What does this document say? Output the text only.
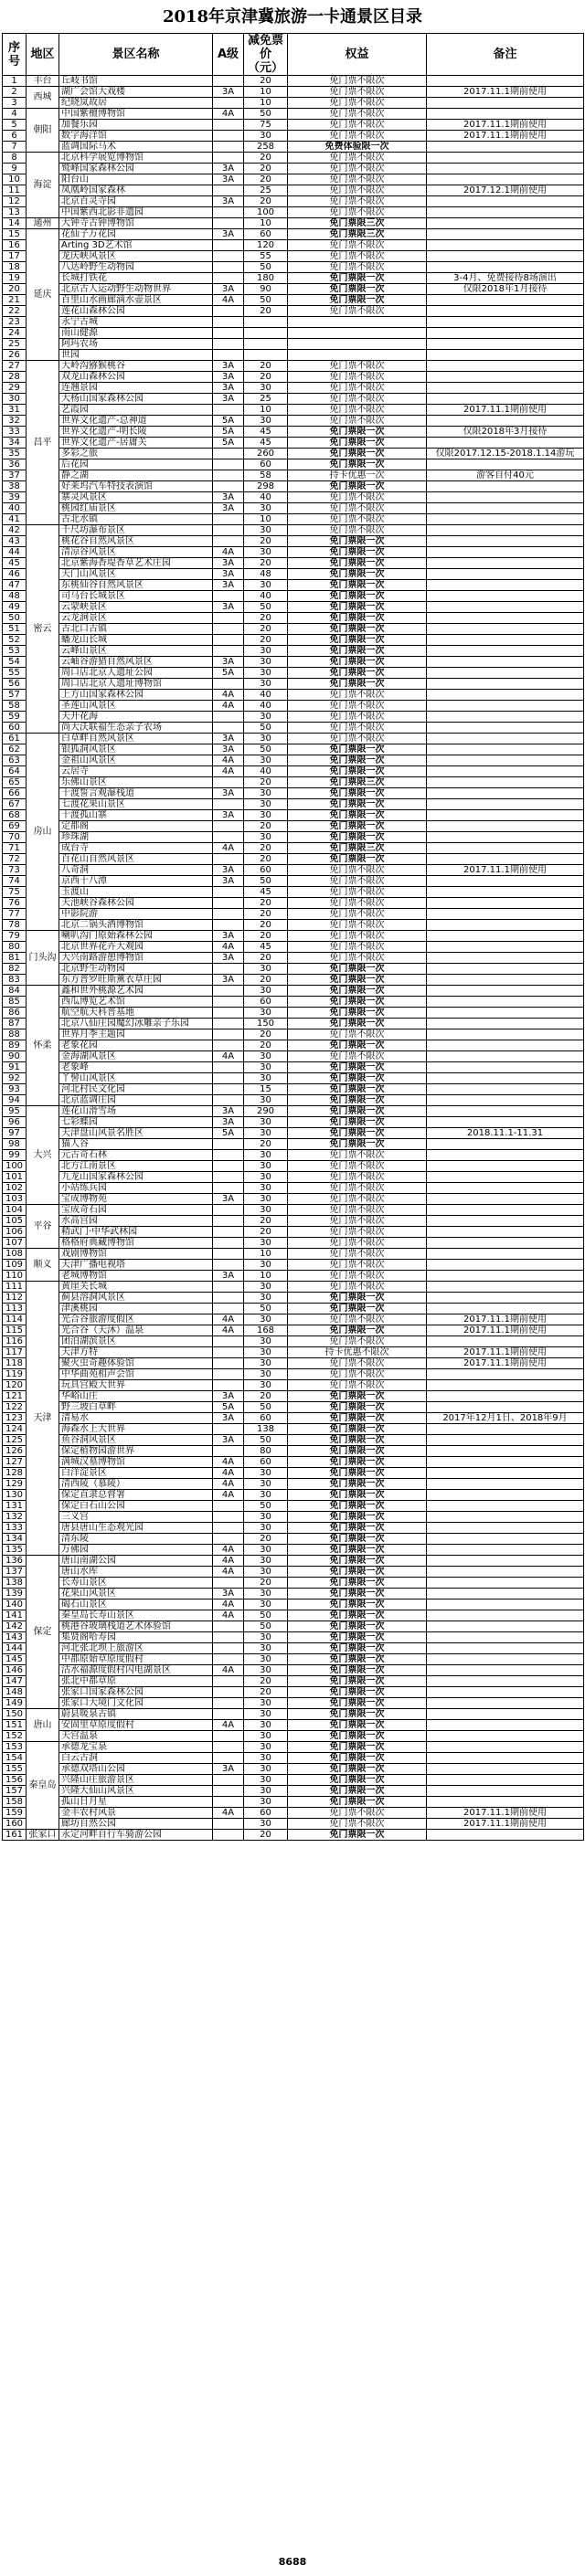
2018年京津冀旅游一卡通景区目录
序号	地区	景区名称	A级	减免票价（元）	权益	备注
1	丰台	丘岐书馆		20	免门票不限次	
2	西城	湖广会馆大戏楼	3A	10	免门票不限次	2017.11.1期前使用
3		纪晓岚故居		10	免门票不限次	
4	朝阳	中国紫檀博物馆	4A	50	免门票不限次	
5		加餐乐园		75	免门票不限次	2017.11.1期前使用
6		数字海洋馆		30	免门票不限次	2017.11.1期前使用
7		蓝调国际马术		258	免费体验限一次	
8	海淀	北京科学展览博物馆		20	免门票不限次	
9		鹫峰国家森林公园	3A	20	免门票不限次	
10		阳台山	3A	20	免门票不限次	
11		凤凰岭国家森林		25	免门票不限次	2017.12.1期前使用
12		北京百灵寺园	3A	20	免门票不限次	
13		中国紫西北影非遗园		100	免门票不限次	
14	通州	大钟寺古钟博物馆		10	免门票限三次	
15	延庆	花仙子万花园	3A	60	免门票限三次	
16		Arting 3D艺术馆		120	免门票不限次	
17		龙庆峡风景区		55	免门票不限次	
18		八达岭野生动物园		50	免门票不限次	
19		长城打铁花		180	免门票限一次	3-4月、免费接待8场演出
20		北京古人运动野生动物世界	3A	90	免门票限一次	仅限2018年1月接待
21		百里山水画廊滴水壶景区	4A	50	免门票限一次	
22		莲花山森林公园		20	免门票不限次	
23		永宁古城				
24		南山健源				
25		阿玛农场				
26		世园				
27	昌平	大岭沟猕猴桃谷	3A	20	免门票不限次	
28		双龙山森林公园	3A	20	免门票不限次	
29		连翘景园	3A	30	免门票不限次	
30		大杨山国家森林公园	3A	25	免门票不限次	
31		艺霞园		10	免门票不限次	2017.11.1期前使用
32		世界文化遗产-总神道	5A	30	免门票不限次	
33		世界文化遗产-明长陵	5A	45	免门票限一次	仅限2018年3月接待
34		世界文化遗产-居庸关	5A	45	免门票限一次	
35		多彩之旅		260	免门票限一次	仅限2017.12.15-2018.1.14游玩
36		后花园		60	免门票限一次	
37		静之湖		58	持卡优惠一次	游客自付40元
38		好莱坞汽车特技表演馆		298	免门票限一次	
39		寨灵风景区	3A	40	免门票不限次	
40		桃园红庙景区	3A	30	免门票不限次	
41		古北水镇		10	免门票不限次	
42	密云	千尺坊瀑布景区		30	免门票不限次	
43		桃花谷自然风景区		20	免门票限一次	
44		清凉谷风景区	4A	30	免门票限一次	
45		北京紫海香堤香草艺术庄园	3A	20	免门票限一次	
46		天门山风景区	3A	48	免门票限一次	
47		东桃仙谷自然风景区	3A	30	免门票限一次	
48		司马台长城景区		40	免门票限一次	
49		云蒙峡景区	3A	50	免门票限一次	
50		云龙涧景区		20	免门票限一次	
51		古北口古镇		20	免门票限一次	
52		蟠龙山长城		20	免门票限一次	
53		云峰山景区		30	免门票限一次	
54		云岫谷游猎自然风景区	3A	30	免门票限一次	
55		周口店北京人遗址公园	5A	30	免门票限一次	
56		周口店北京人遗址博物馆		30	免门票限一次	
57		上方山国家森林公园	4A	40	免门票不限次	
58		圣莲山风景区	4A	40	免门票不限次	
59		天开花海		30	免门票不限次	
60		尚大沃联福生态亲子农场		50	免门票不限次	
61	房山	白草畔自然风景区	3A	30	免门票不限次	
62		银狐洞风景区	3A	50	免门票限一次	
63		金祖山风景区	4A	30	免门票限一次	
64		云居寺	4A	40	免门票限一次	
65		乐佛山景区		20	免门票限三次	
66		十渡誓言观瀑栈道	3A	30	免门票限一次	
67		七渡花果山景区		30	免门票限一次	
68		十渡孤山寨	3A	30	免门票限一次	
69		定都阁		20	免门票限一次	
70		珍珠湖		30	免门票限一次	
71		成台寺	4A	20	免门票限三次	
72		百花山自然风景区		20	免门票限一次	
73		八奇洞	3A	60	免门票不限次	2017.11.1期前使用
74		京西十八潭	3A	50	免门票不限次	
75		玉渡山		45	免门票不限次	
76		天池峡谷森林公园		20	免门票不限次	
77		中影院游		20	免门票不限次	
78		北京二锅头酒博物馆		20	免门票不限次	
79	门头沟	喇叭沟门原始森林公园	3A	20	免门票不限次	
80		北京世界花卉大观园	4A	45	免门票不限次	
81		大兴南路游憩博物馆	3A	20	免门票不限次	
82		北京野生动物园		30	免门票限一次	
83		东方普罗旺斯薰衣草庄园	3A	20	免门票限一次	
84	怀柔	鑫和世外桃源艺术园		30	免门票限一次	
85		西瓜博览艺术馆		60	免门票限一次	
86		航空航天科普基地		30	免门票限一次	
87		北京八仙庄园魔幻冰雕亲子乐园		150	免门票限一次	
88		世界月季主题园		20	免门票不限次	
89		老象花园		20	免门票限一次	
90		金海湖风景区	4A	30	免门票不限次	
91		老象峰		30	免门票限一次	
92		丫髻山风景区		30	免门票限一次	
93		河北村民文化园		15	免门票限一次	
94		北京蓝调庄园		30	免门票限一次	
95	大兴	莲花山滑雪场	3A	290	免门票限一次	
96		七彩蝶园	3A	30	免门票限一次	
97		天津盘山风景名胜区	5A	30	免门票限一次	2018.11.1-11.31
98		猫人谷		20	免门票限一次	
99		元古奇石林		30	免门票不限次	
100		北方江南景区		30	免门票不限次	
101		九龙山国家森林公园		30	免门票不限次	
102		小站练兵园		30	免门票不限次	
103		宝成博物苑	3A	30	免门票不限次	
104	平谷	宝成奇石园		30	免门票不限次	
105		水高宫园		20	免门票不限次	
106		精武门·中华武林园		20	免门票不限次	
107		格格府典藏博物馆		30	免门票不限次	
108	顺义	戏剧博物馆		10	免门票不限次	
109		天津广播电视塔		30	免门票不限次	
110		老城博物馆	3A	10	免门票不限次	
111	天津	黄崖关长城		30	免门票不限次	
112		蓟县溶洞风景区		30	免门票限一次	
113		津溪桃园		50	免门票限一次	
114		光合谷旅游度假区	4A	30	免门票不限次	2017.11.1期前使用
115		光合谷（天沐）温泉	4A	168	免门票限一次	2017.11.1期前使用
116		团泊湖滨景区		30	免门票不限次	
117		天津方特		30	持卡优惠不限次	2017.11.1期前使用
118		聚火虫奇趣体验馆		30	免门票不限次	2017.11.1期前使用
119		中华曲苑相声会馆		30	免门票不限次	
120		玩具宫殿大世界		30	免门票不限次	
121		华峪山庄	3A	20	免门票限一次	
122		野三坡白草畔	5A	50	免门票限一次	
123		清易水	3A	60	免门票限一次	2017年12月1日、2018年9月
124		海森水上大世界		138	免门票限一次	
125		鱼谷洞风景区	3A	50	免门票限一次	
126		保定植物园游世界		80	免门票限一次	
127		满城汉墓博物馆	4A	60	免门票限一次	
128		白洋淀景区	4A	30	免门票限一次	
129		清西陵（慕陵）	4A	30	免门票限一次	
130		保定直隶总督署	4A	30	免门票限一次	
131		保定白石山公园		50	免门票限一次	
132		三义宫		30	免门票限一次	
133		唐县唐山生态观光园		30	免门票限一次	
134		清东陵		20	免门票限一次	
135		万佛园	4A	30	免门票限一次	
136	保定	唐山南湖公园	4A	30	免门票限一次	
137		唐山水库	4A	30	免门票限一次	
138		长寿山景区		20	免门票限一次	
139		花果山风景区	3A	30	免门票限一次	
140		碣石山景区	4A	30	免门票限一次	
141		秦皇岛长寿山景区	4A	50	免门票限一次	
142		桃港谷玻璃栈道艺术体验馆		50	免门票限一次	
143		集贤阁哈寿园		30	免门票限一次	
144		河北张北坝上旅游区		30	免门票限一次	
145		中都原始草原度假村		30	免门票限一次	
146		沽水福源度假村闪电湖景区	4A	30	免门票限一次	
147		张北中都草原		20	免门票限一次	
148		张家口国家森林公园		20	免门票限一次	
149		张家口大境门文化园		30	免门票限一次	
150	唐山	蔚县暖泉古镇		30	免门票限一次	
151		安固里草原度假村	4A	30	免门票限一次	
152		天宫温泉		30	免门票限一次	
153	秦皇岛	承德龙宝泉		30	免门票限一次	
154		白云古洞		30	免门票限一次	
155		承德双塔山公园	3A	30	免门票限一次	
156		兴隆山庄旅游景区		30	免门票限一次	
157		兴隆大仙山风景区		30	免门票限一次	
158		孤山日月星		30	免门票限一次	
159		金丰农村风景	4A	60	免门票不限次	2017.11.1期前使用
160		廊坊自然公园		30	免门票不限次	2017.11.1期前使用
161	张家口	永定河畔自行车骑游公园		20	免门票限一次	
8688
